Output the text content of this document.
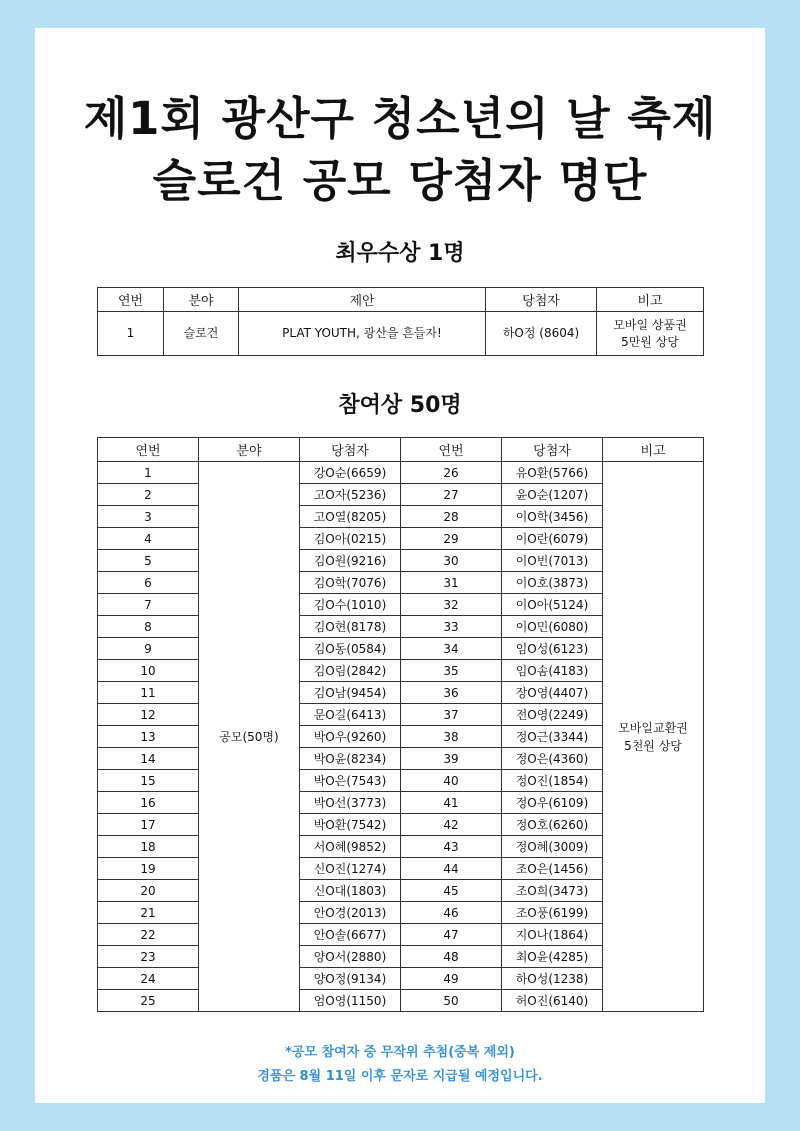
제1회 광산구 청소년의 날 축제
슬로건 공모 당첨자 명단
최우수상 1명
연번	분야	제안	당첨자	비고
1	슬로건	PLAT YOUTH, 광산을 흔들자!	하O정 (8604)	모바일 상품권
5만원 상당
참여상 50명
연번	분야	당첨자	연번	당첨자	비고
1	공모(50명)	강O순(6659)	26	유O환(5766)	모바일교환권
5천원 상당

2		고O자(5236)	27	윤O순(1207)	
3		고O열(8205)	28	이O학(3456)	
4		김O아(0215)	29	이O란(6079)	
5		김O원(9216)	30	이O빈(7013)	
6		김O학(7076)	31	이O호(3873)	
7		김O수(1010)	32	이O아(5124)	
8		김O현(8178)	33	이O민(6080)	
9		김O동(0584)	34	임O성(6123)	
10		김O림(2842)	35	임O솜(4183)	
11		김O남(9454)	36	장O영(4407)	
12		문O길(6413)	37	전O영(2249)	
13		박O우(9260)	38	정O근(3344)	
14		박O윤(8234)	39	정O은(4360)	
15		박O은(7543)	40	정O진(1854)	
16		박O선(3773)	41	정O우(6109)	
17		박O환(7542)	42	정O호(6260)	
18		서O혜(9852)	43	정O혜(3009)	
19		신O진(1274)	44	조O은(1456)	
20		신O대(1803)	45	조O희(3473)	
21		안O경(2013)	46	조O풍(6199)	
22		안O솔(6677)	47	지O나(1864)	
23		양O서(2880)	48	최O윤(4285)	
24		양O정(9134)	49	하O성(1238)	
25		엄O영(1150)	50	허O진(6140)	
*공모 참여자 중 무작위 추첨(중복 제외)
경품은 8월 11일 이후 문자로 지급될 예정입니다.
